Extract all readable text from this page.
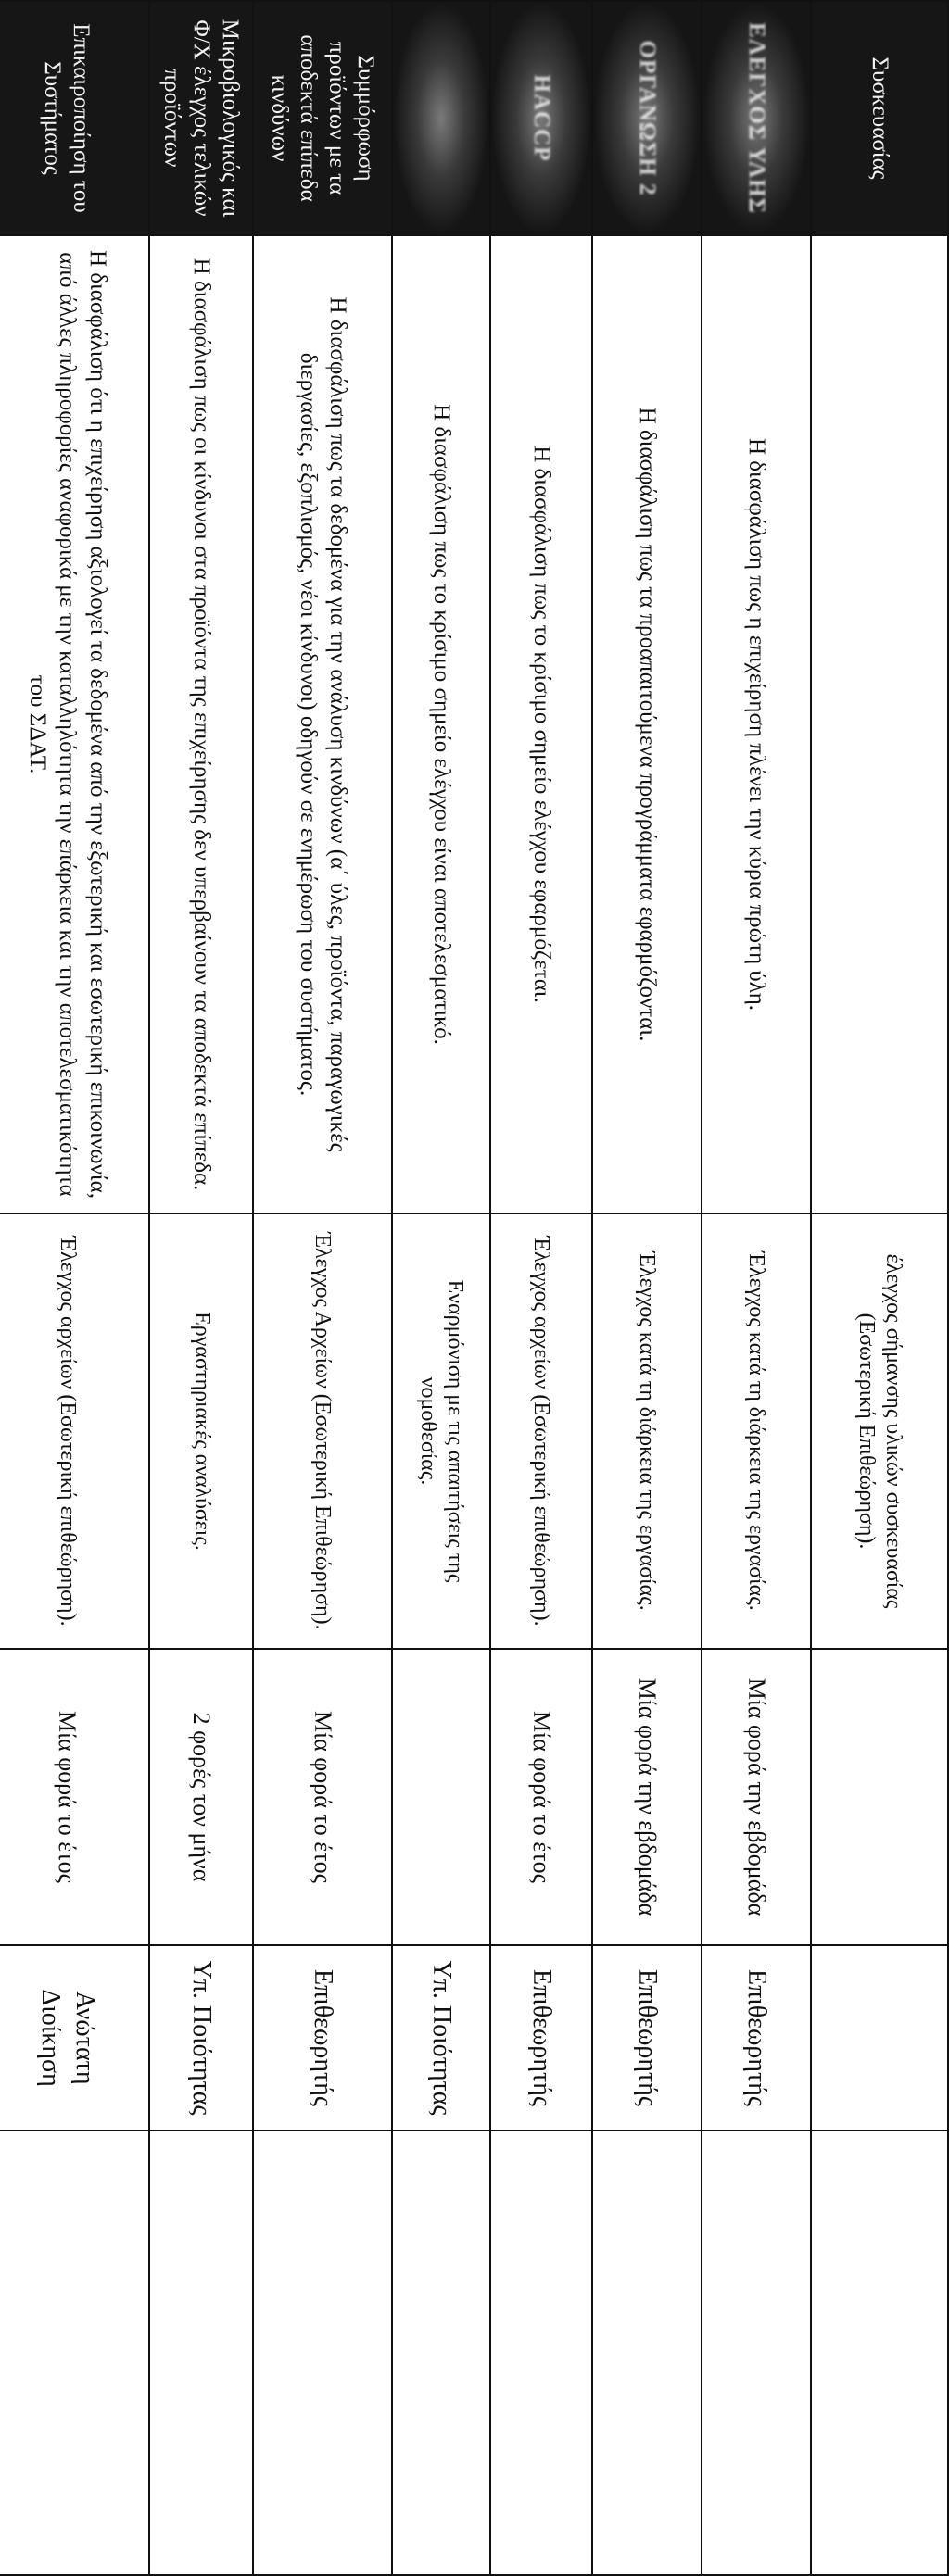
Συσκευασίας		έλεγχος σήμανσης υλικών συσκευασίας (Εσωτερική Επιθεώρηση).			
ΕΛΕΓΧΟΣ ΥΛΗΣ	Η διασφάλιση πως η επιχείρηση πλένει την κύρια πρώτη ύλη.	Έλεγχος κατά τη διάρκεια της εργασίας.	Μία φορά την εβδομάδα	Επιθεωρητής	
ΟΡΓΑΝΩΣΗ 2	Η διασφάλιση πως τα προαπαιτούμενα προγράμματα εφαρμόζονται.	Έλεγχος κατά τη διάρκεια της εργασίας.	Μία φορά την εβδομάδα	Επιθεωρητής	
HACCP	Η διασφάλιση πως το κρίσιμο σημείο ελέγχου εφαρμόζεται.	Έλεγχος αρχείων (Εσωτερική επιθεώρηση).	Μία φορά το έτος	Επιθεωρητής	
	Η διασφάλιση πως το κρίσιμο σημείο ελέγχου είναι αποτελεσματικό.	Εναρμόνιση με τις απαιτήσεις της νομοθεσίας.		Υπ. Ποιότητας	
Συμμόρφωση προϊόντων με τα αποδεκτά επίπεδα κινδύνων	Η διασφάλιση πως τα δεδομένα για την ανάλυση κινδύνων (α΄ ύλες, προϊόντα, παραγωγικές διεργασίες, εξοπλισμός, νέοι κίνδυνοι) οδηγούν σε ενημέρωση του συστήματος.	Έλεγχος Αρχείων (Εσωτερική Επιθεώρηση).	Μία φορά το έτος	Επιθεωρητής	
Μικροβιολογικός και Φ/Χ έλεγχος τελικών προϊόντων	Η διασφάλιση πως οι κίνδυνοι στα προϊόντα της επιχείρησης δεν υπερβαίνουν τα αποδεκτά επίπεδα.	Εργαστηριακές αναλύσεις.	2 φορές τον μήνα	Υπ. Ποιότητας	
Επικαιροποίηση του Συστήματος	Η διασφάλιση ότι η επιχείρηση αξιολογεί τα δεδομένα από την εξωτερική και εσωτερική επικοινωνία, από άλλες πληροφορίες αναφορικά με την καταλληλότητα την επάρκεια και την αποτελεσματικότητα του ΣΔΑΤ.	Έλεγχος αρχείων (Εσωτερική επιθεώρηση).	Μία φορά το έτος	Ανώτατη Διοίκηση	
